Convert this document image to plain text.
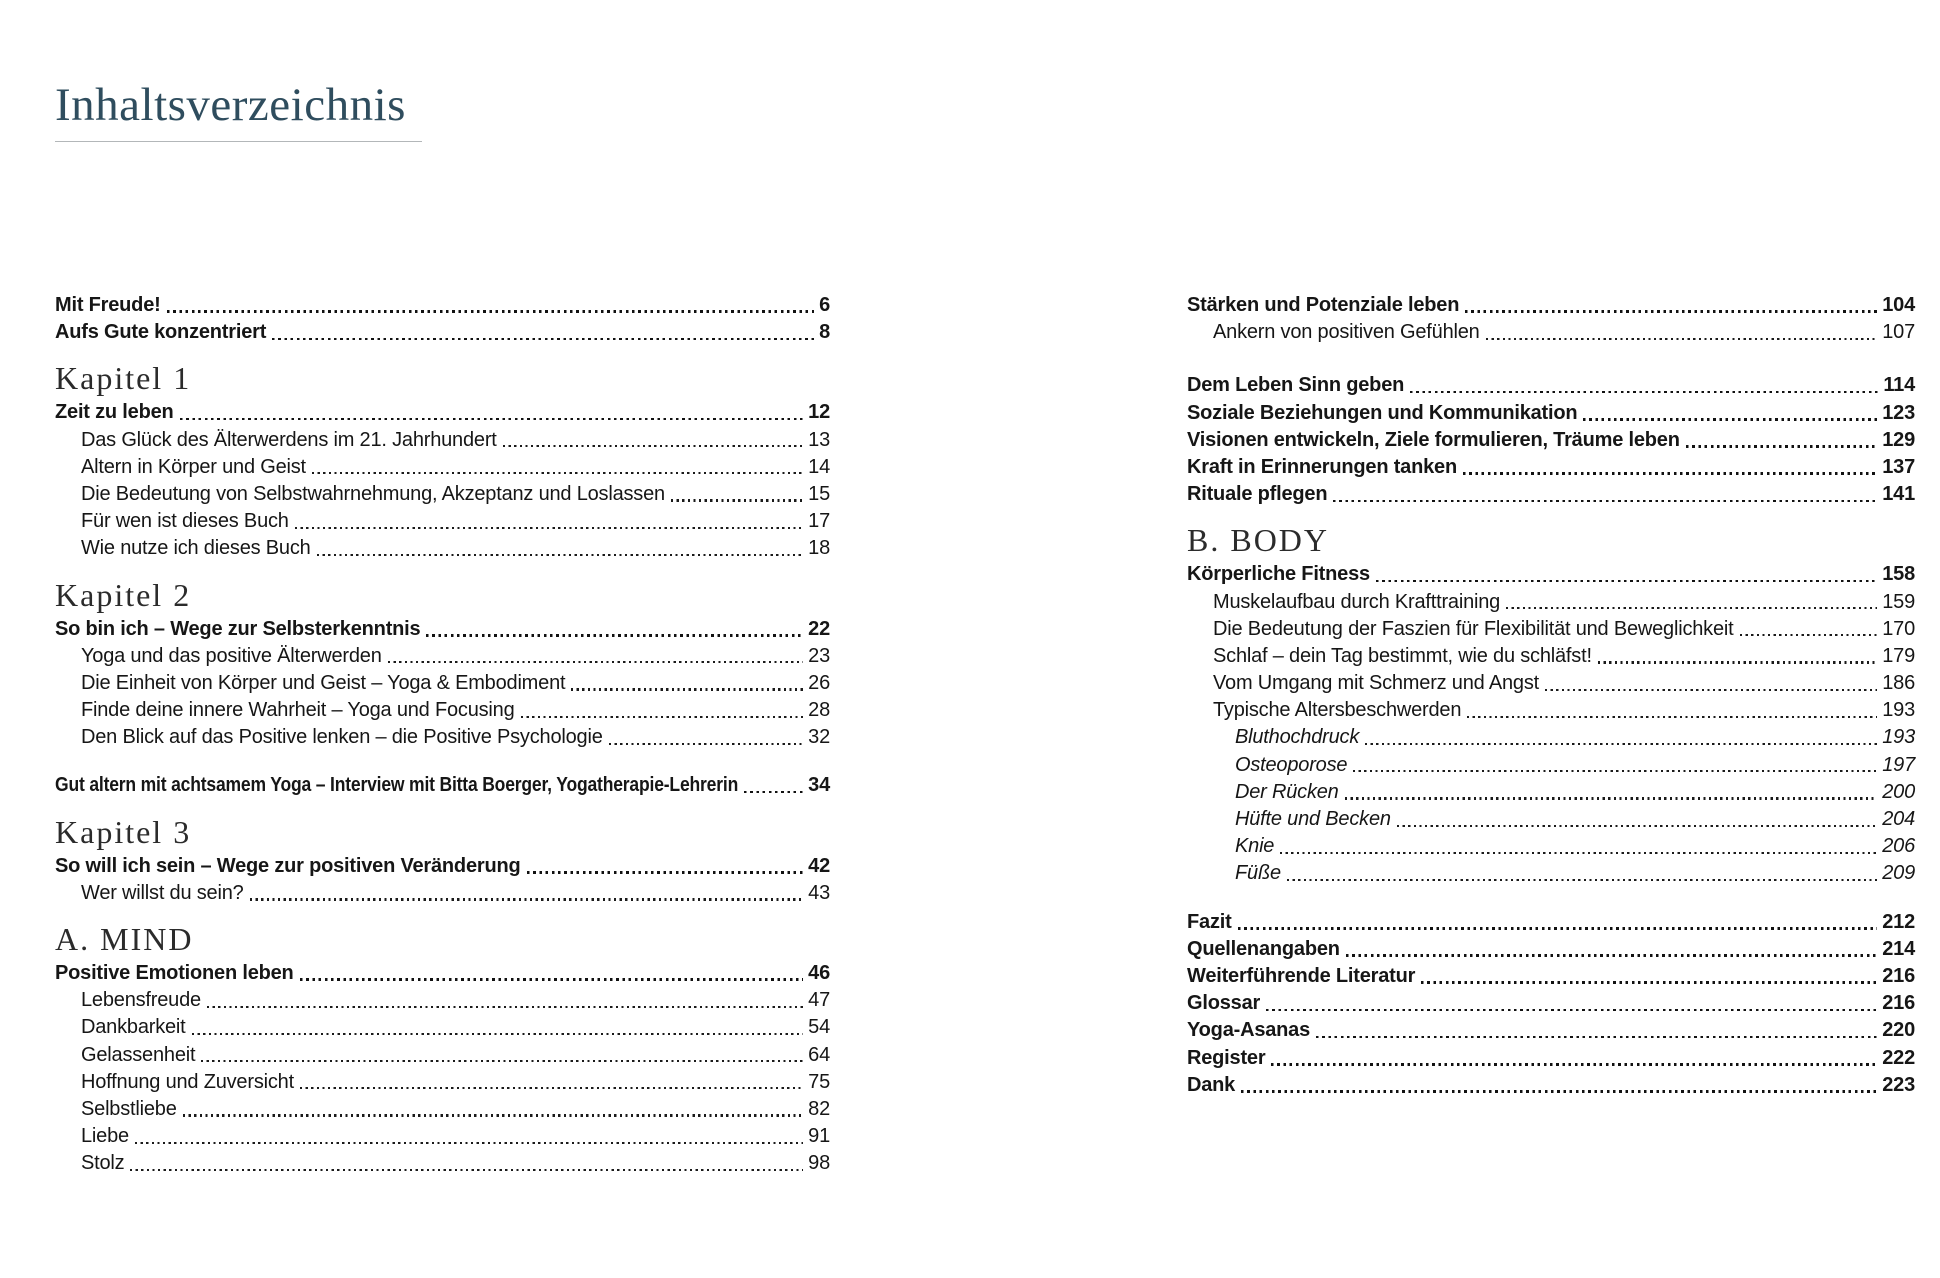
Inhaltsverzeichnis
Mit Freude!	6
Aufs Gute konzentriert	8
Kapitel 1
Zeit zu leben	12
Das Glück des Älterwerdens im 21. Jahrhundert	13
Altern in Körper und Geist	14
Die Bedeutung von Selbstwahrnehmung, Akzeptanz und Loslassen	15
Für wen ist dieses Buch	17
Wie nutze ich dieses Buch	18
Kapitel 2
So bin ich – Wege zur Selbsterkenntnis	22
Yoga und das positive Älterwerden	23
Die Einheit von Körper und Geist – Yoga & Embodiment	26
Finde deine innere Wahrheit – Yoga und Focusing	28
Den Blick auf das Positive lenken – die Positive Psychologie	32
Gut altern mit achtsamem Yoga – Interview mit Bitta Boerger, Yogatherapie-Lehrerin	34
Kapitel 3
So will ich sein – Wege zur positiven Veränderung	42
Wer willst du sein?	43
A. MIND
Positive Emotionen leben	46
Lebensfreude	47
Dankbarkeit	54
Gelassenheit	64
Hoffnung und Zuversicht	75
Selbstliebe	82
Liebe	91
Stolz	98
Stärken und Potenziale leben	104
Ankern von positiven Gefühlen	107
Dem Leben Sinn geben	114
Soziale Beziehungen und Kommunikation	123
Visionen entwickeln, Ziele formulieren, Träume leben	129
Kraft in Erinnerungen tanken	137
Rituale pflegen	141
B. BODY
Körperliche Fitness	158
Muskelaufbau durch Krafttraining	159
Die Bedeutung der Faszien für Flexibilität und Beweglichkeit	170
Schlaf – dein Tag bestimmt, wie du schläfst!	179
Vom Umgang mit Schmerz und Angst	186
Typische Altersbeschwerden	193
Bluthochdruck	193
Osteoporose	197
Der Rücken	200
Hüfte und Becken	204
Knie	206
Füße	209
Fazit	212
Quellenangaben	214
Weiterführende Literatur	216
Glossar	216
Yoga-Asanas	220
Register	222
Dank	223
